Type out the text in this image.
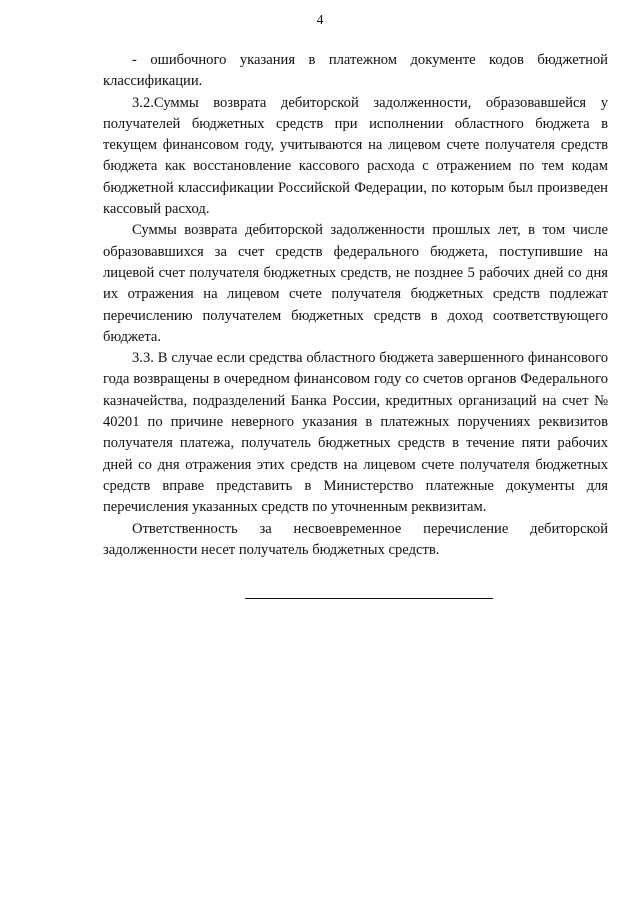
4

- ошибочного указания в платежном документе кодов бюджетной классификации.

3.2.Суммы возврата дебиторской задолженности, образовавшейся у получателей бюджетных средств при исполнении областного бюджета в текущем финансовом году, учитываются на лицевом счете получателя средств бюджета как восстановление кассового расхода с отражением по тем кодам бюджетной классификации Российской Федерации, по которым был произведен кассовый расход.

Суммы возврата дебиторской задолженности прошлых лет, в том числе образовавшихся за счет средств федерального бюджета, поступившие на лицевой счет получателя бюджетных средств, не позднее 5 рабочих дней со дня их отражения на лицевом счете получателя бюджетных средств подлежат перечислению получателем бюджетных средств в доход соответствующего бюджета.

3.3. В случае если средства областного бюджета завершенного финансового года возвращены в очередном финансовом году со счетов органов Федерального казначейства, подразделений Банка России, кредитных организаций на счет № 40201 по причине неверного указания в платежных поручениях реквизитов получателя платежа, получатель бюджетных средств в течение пяти рабочих дней со дня отражения этих средств на лицевом счете получателя бюджетных средств вправе представить в Министерство платежные документы для перечисления указанных средств по уточненным реквизитам.

Ответственность за несвоевременное перечисление дебиторской задолженности несет получатель бюджетных средств.
